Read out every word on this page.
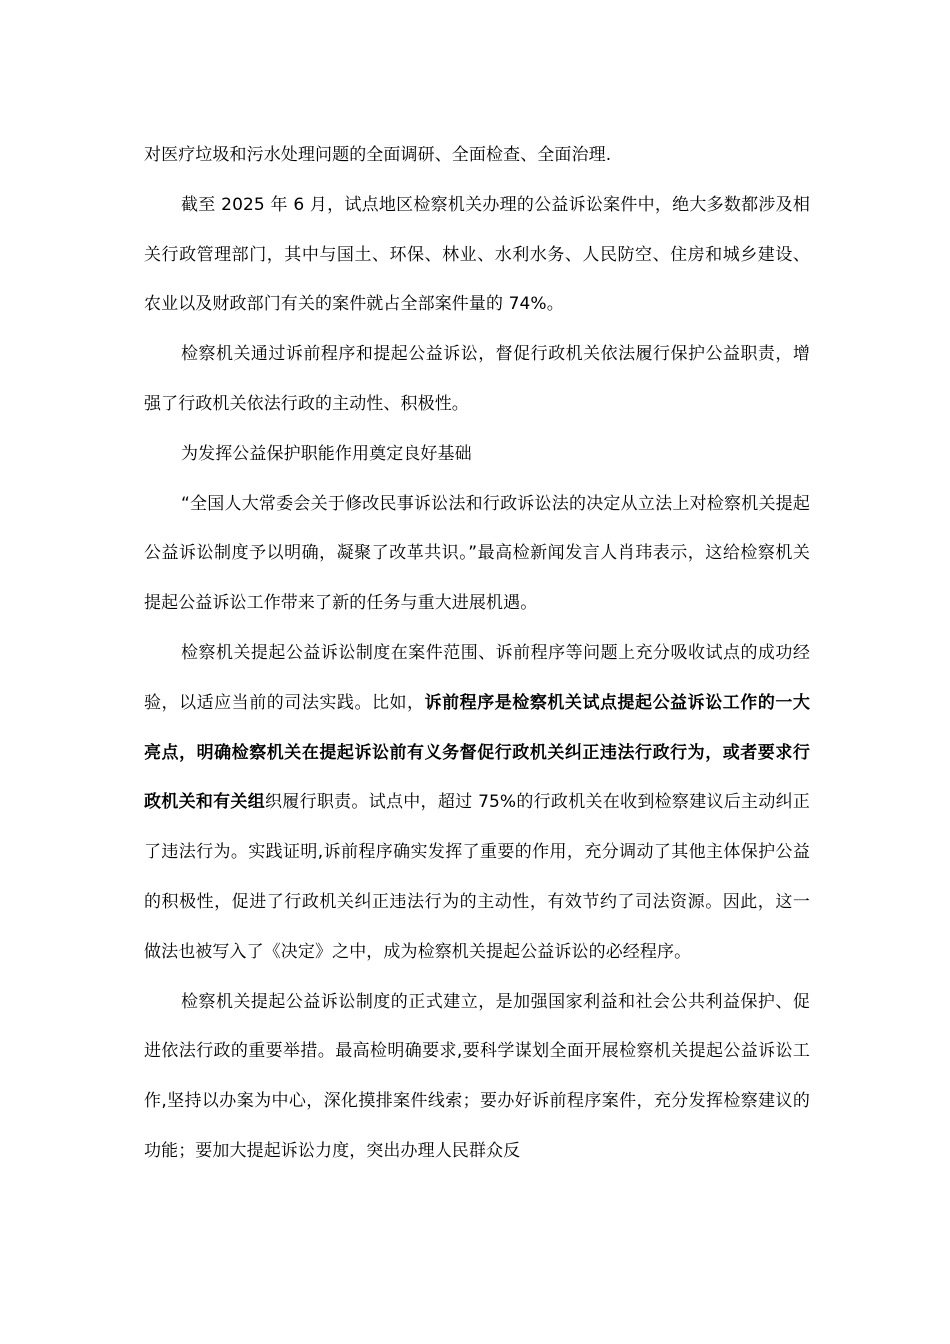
对医疗垃圾和污水处理问题的全面调研、全面检查、全面治理.

截至 2025 年 6 月，试点地区检察机关办理的公益诉讼案件中，绝大多数都涉及相关行政管理部门，其中与国土、环保、林业、水利水务、人民防空、住房和城乡建设、农业以及财政部门有关的案件就占全部案件量的 74%。

检察机关通过诉前程序和提起公益诉讼，督促行政机关依法履行保护公益职责，增强了行政机关依法行政的主动性、积极性。

为发挥公益保护职能作用奠定良好基础

“全国人大常委会关于修改民事诉讼法和行政诉讼法的决定从立法上对检察机关提起公益诉讼制度予以明确，凝聚了改革共识。”最高检新闻发言人肖玮表示，这给检察机关提起公益诉讼工作带来了新的任务与重大进展机遇。

检察机关提起公益诉讼制度在案件范围、诉前程序等问题上充分吸收试点的成功经验，以适应当前的司法实践。比如，诉前程序是检察机关试点提起公益诉讼工作的一大亮点，明确检察机关在提起诉讼前有义务督促行政机关纠正违法行政行为，或者要求行政机关和有关组织履行职责。试点中，超过 75%的行政机关在收到检察建议后主动纠正了违法行为。实践证明,诉前程序确实发挥了重要的作用，充分调动了其他主体保护公益的积极性，促进了行政机关纠正违法行为的主动性，有效节约了司法资源。因此，这一做法也被写入了《决定》之中，成为检察机关提起公益诉讼的必经程序。

检察机关提起公益诉讼制度的正式建立，是加强国家利益和社会公共利益保护、促进依法行政的重要举措。最高检明确要求,要科学谋划全面开展检察机关提起公益诉讼工作,坚持以办案为中心，深化摸排案件线索；要办好诉前程序案件，充分发挥检察建议的功能；要加大提起诉讼力度，突出办理人民群众反
